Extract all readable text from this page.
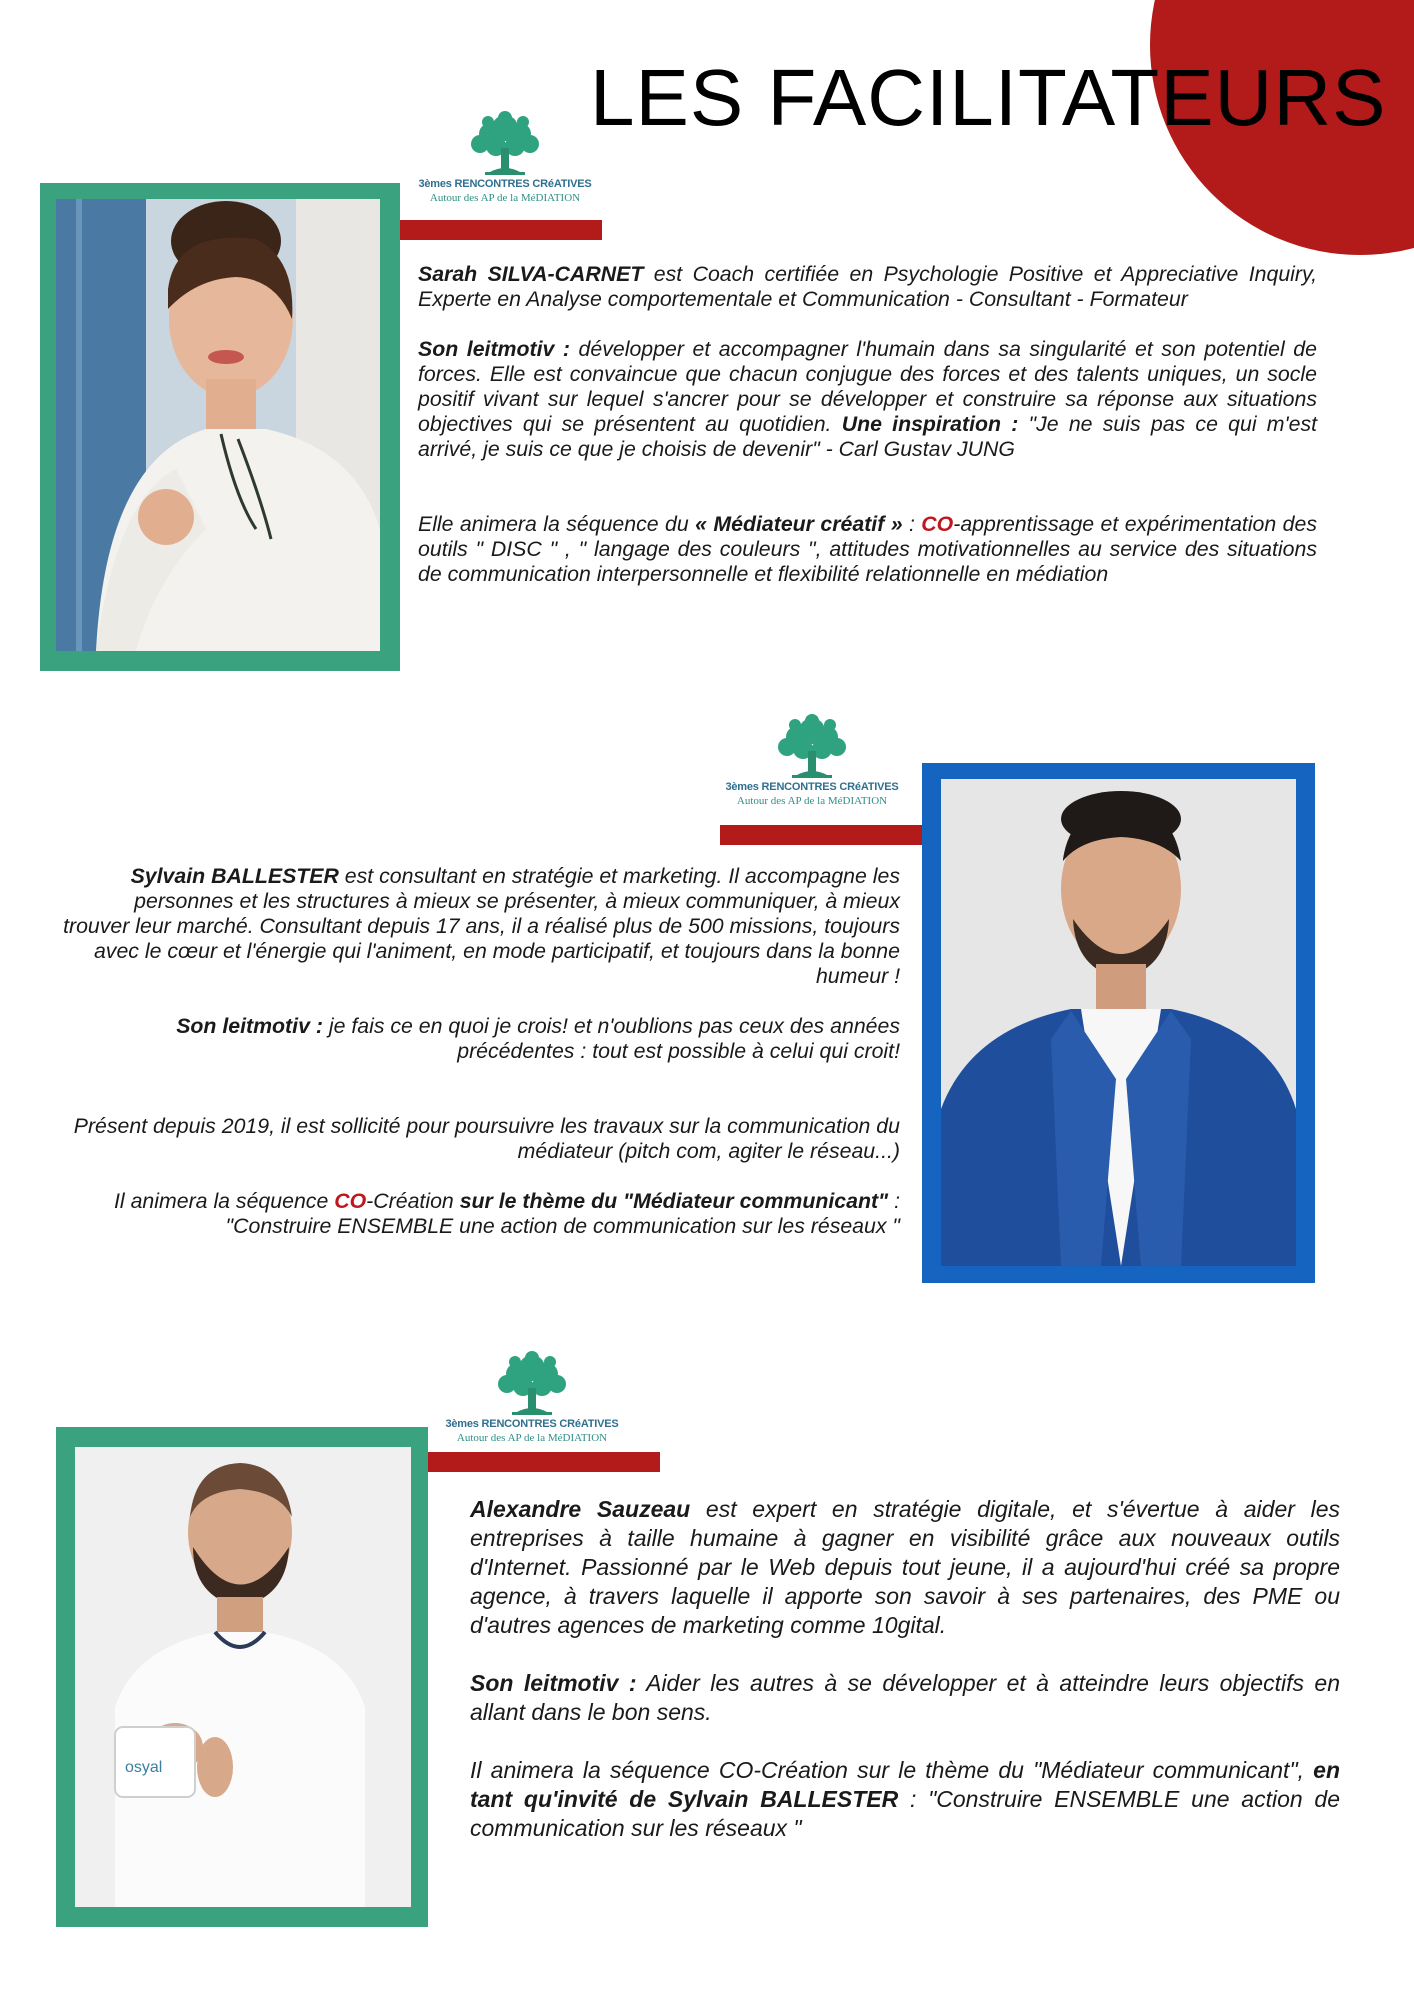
LES FACILITATEURS
3èmes RENCONTRES CRéATIVES
Autour des AP de la MéDIATION

Sarah SILVA-CARNET est Coach certifiée en Psychologie Positive et Appreciative Inquiry, Experte en Analyse comportementale et Communication - Consultant - Formateur

Son leitmotiv : développer et accompagner l'humain dans sa singularité et son potentiel de forces. Elle est convaincue que chacun conjugue des forces et des talents uniques, un socle positif vivant sur lequel s'ancrer pour se développer et construire sa réponse aux situations objectives qui se présentent au quotidien. Une inspiration : "Je ne suis pas ce qui m'est arrivé, je suis ce que je choisis de devenir" - Carl Gustav JUNG

Elle animera la séquence du « Médiateur créatif » : CO-apprentissage et expérimentation des outils " DISC " , " langage des couleurs ", attitudes motivationnelles au service des situations de communication interpersonnelle et flexibilité relationnelle en médiation

3èmes RENCONTRES CRéATIVES
Autour des AP de la MéDIATION

Sylvain BALLESTER est consultant en stratégie et marketing. Il accompagne les personnes et les structures à mieux se présenter, à mieux communiquer, à mieux trouver leur marché. Consultant depuis 17 ans, il a réalisé plus de 500 missions, toujours avec le cœur et l'énergie qui l'animent, en mode participatif, et toujours dans la bonne humeur !

Son leitmotiv : je fais ce en quoi je crois! et n'oublions pas ceux des années précédentes : tout est possible à celui qui croit!

Présent depuis 2019, il est sollicité pour poursuivre les travaux sur la communication du médiateur (pitch com, agiter le réseau...)

Il animera la séquence CO-Création sur le thème du "Médiateur communicant" : "Construire ENSEMBLE une action de communication sur les réseaux "

3èmes RENCONTRES CRéATIVES
Autour des AP de la MéDIATION
osyal

Alexandre Sauzeau est expert en stratégie digitale, et s'évertue à aider les entreprises à taille humaine à gagner en visibilité grâce aux nouveaux outils d'Internet. Passionné par le Web depuis tout jeune, il a aujourd'hui créé sa propre agence, à travers laquelle il apporte son savoir à ses partenaires, des PME ou d'autres agences de marketing comme 10gital.

Son leitmotiv : Aider les autres à se développer et à atteindre leurs objectifs en allant dans le bon sens.

Il animera la séquence CO-Création sur le thème du "Médiateur communicant", en tant qu'invité de Sylvain BALLESTER : "Construire ENSEMBLE une action de communication sur les réseaux "
